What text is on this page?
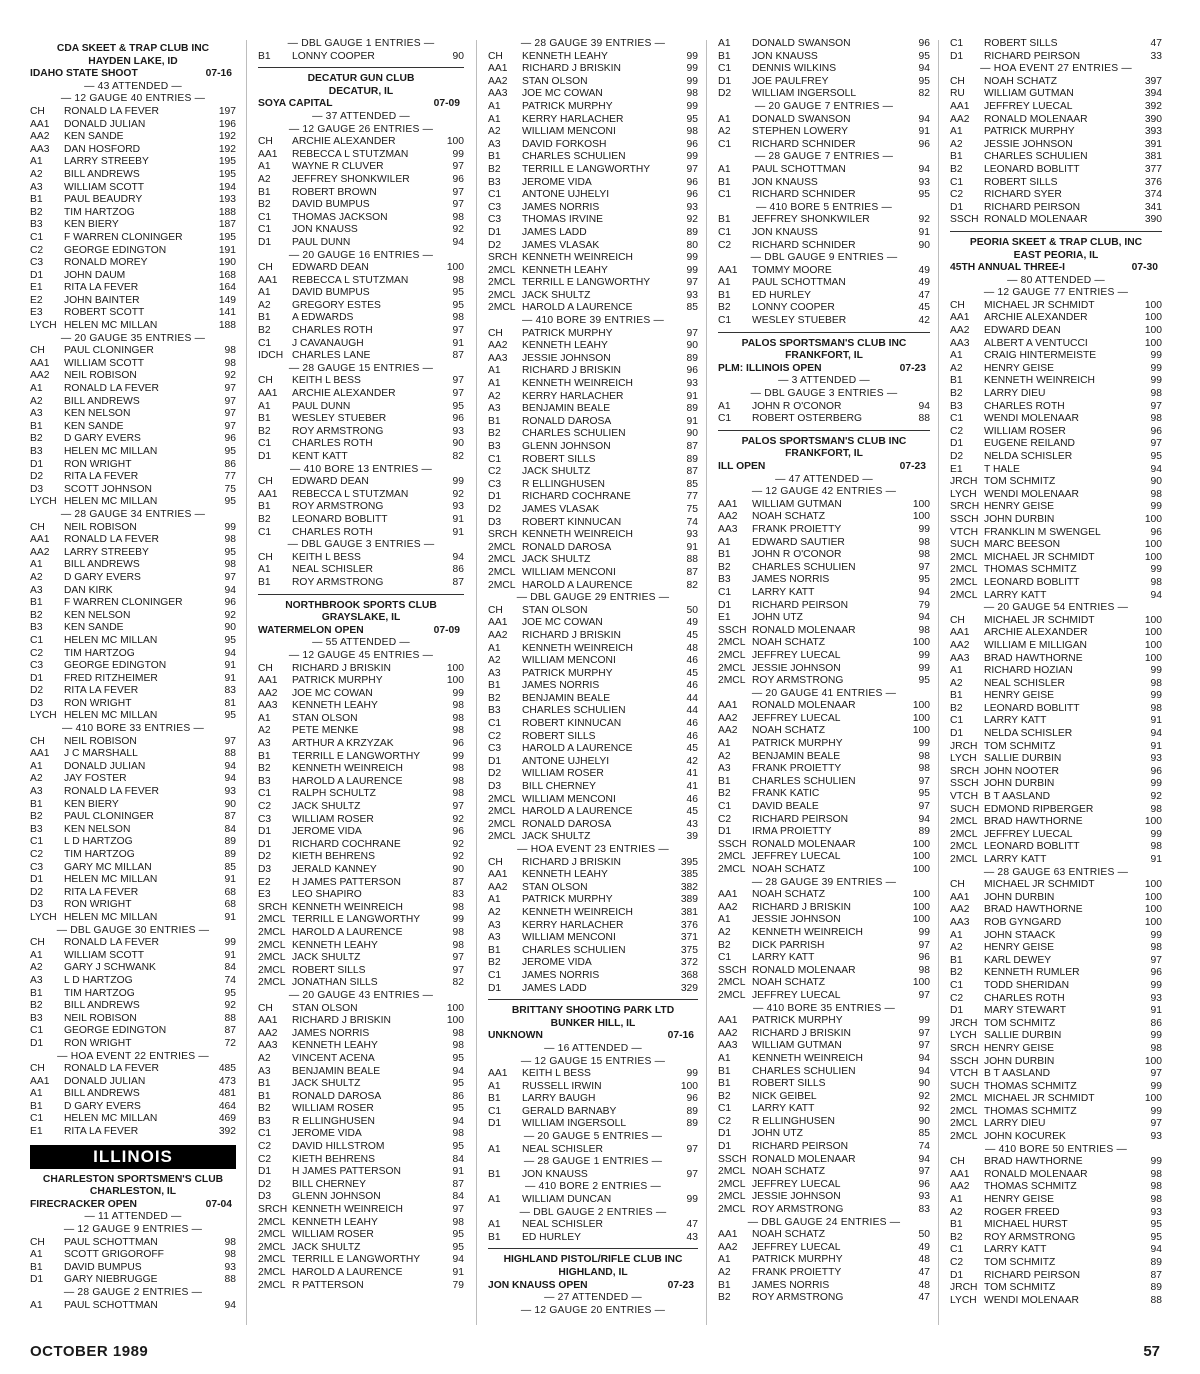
CDA SKEET & TRAP CLUB INC
HAYDEN LAKE, ID
IDAHO STATE SHOOT	07-16
— 43 ATTENDED —
— 12 GAUGE 40 ENTRIES —
CH	RONALD LA FEVER	197
AA1	DONALD JULIAN	196
AA2	KEN SANDE	192
AA3	DAN HOSFORD	192
A1	LARRY STREEBY	195
A2	BILL ANDREWS	195
A3	WILLIAM SCOTT	194
B1	PAUL BEAUDRY	193
B2	TIM HARTZOG	188
B3	KEN BIERY	187
C1	F WARREN CLONINGER	195
C2	GEORGE EDINGTON	191
C3	RONALD MOREY	190
D1	JOHN DAUM	168
E1	RITA LA FEVER	164
E2	JOHN BAINTER	149
E3	ROBERT SCOTT	141
LYCH HELEN MC MILLAN	188
— 20 GAUGE 35 ENTRIES —
CH	PAUL CLONINGER	98
AA1	WILLIAM SCOTT	98
AA2	NEIL ROBISON	92
A1	RONALD LA FEVER	97
A2	BILL ANDREWS	97
A3	KEN NELSON	97
B1	KEN SANDE	97
B2	D GARY EVERS	96
B3	HELEN MC MILLAN	95
D1	RON WRIGHT	86
D2	RITA LA FEVER	77
D3	SCOTT JOHNSON	75
LYCH HELEN MC MILLAN	95
— 28 GAUGE 34 ENTRIES —
CH	NEIL ROBISON	99
AA1	RONALD LA FEVER	98
AA2	LARRY STREEBY	95
A1	BILL ANDREWS	98
A2	D GARY EVERS	97
A3	DAN KIRK	94
B1	F WARREN CLONINGER	96
B2	KEN NELSON	92
B3	KEN SANDE	90
C1	HELEN MC MILLAN	95
C2	TIM HARTZOG	94
C3	GEORGE EDINGTON	91
D1	FRED RITZHEIMER	91
D2	RITA LA FEVER	83
D3	RON WRIGHT	81
LYCH HELEN MC MILLAN	95
— 410 BORE 33 ENTRIES —
CH	NEIL ROBISON	97
AA1	J C MARSHALL	88
A1	DONALD JULIAN	94
A2	JAY FOSTER	94
A3	RONALD LA FEVER	93
B1	KEN BIERY	90
B2	PAUL CLONINGER	87
B3	KEN NELSON	84
C1	L D HARTZOG	89
C2	TIM HARTZOG	89
C3	GARY MC MILLAN	85
D1	HELEN MC MILLAN	91
D2	RITA LA FEVER	68
D3	RON WRIGHT	68
LYCH HELEN MC MILLAN	91
— DBL GAUGE 30 ENTRIES —
CH	RONALD LA FEVER	99
A1	WILLIAM SCOTT	91
A2	GARY J SCHWANK	84
A3	L D HARTZOG	74
B1	TIM HARTZOG	95
B2	BILL ANDREWS	92
B3	NEIL ROBISON	88
C1	GEORGE EDINGTON	87
D1	RON WRIGHT	72
— HOA EVENT 22 ENTRIES —
CH	RONALD LA FEVER	485
AA1	DONALD JULIAN	473
A1	BILL ANDREWS	481
B1	D GARY EVERS	464
C1	HELEN MC MILLAN	469
E1	RITA LA FEVER	392
ILLINOIS
CHARLESTON SPORTSMEN'S CLUB
CHARLESTON, IL
FIRECRACKER OPEN	07-04
— 11 ATTENDED —
— 12 GAUGE 9 ENTRIES —
CH	PAUL SCHOTTMAN	98
A1	SCOTT GRIGOROFF	98
B1	DAVID BUMPUS	93
D1	GARY NIEBRUGGE	88
— 28 GAUGE 2 ENTRIES —
A1	PAUL SCHOTTMAN	94
— DBL GAUGE 1 ENTRIES —
B1	LONNY COOPER	90
DECATUR GUN CLUB
DECATUR, IL
SOYA CAPITAL	07-09
— 37 ATTENDED —
— 12 GAUGE 26 ENTRIES —
CH	ARCHIE ALEXANDER	100
AA1	REBECCA L STUTZMAN	99
A1	WAYNE R CLUVER	97
A2	JEFFREY SHONKWILER	96
B1	ROBERT BROWN	97
B2	DAVID BUMPUS	97
C1	THOMAS JACKSON	98
C1	JON KNAUSS	92
D1	PAUL DUNN	94
— 20 GAUGE 16 ENTRIES —
CH	EDWARD DEAN	100
AA1	REBECCA L STUTZMAN	98
A1	DAVID BUMPUS	95
A2	GREGORY ESTES	95
B1	A EDWARDS	98
B2	CHARLES ROTH	97
C1	J CAVANAUGH	91
IDCH CHARLES LANE	87
— 28 GAUGE 15 ENTRIES —
CH	KEITH L BESS	97
AA1	ARCHIE ALEXANDER	97
A1	PAUL DUNN	95
B1	WESLEY STUEBER	96
B2	ROY ARMSTRONG	93
C1	CHARLES ROTH	90
D1	KENT KATT	82
— 410 BORE 13 ENTRIES —
CH	EDWARD DEAN	99
AA1	REBECCA L STUTZMAN	92
B1	ROY ARMSTRONG	93
B2	LEONARD BOBLITT	91
C1	CHARLES ROTH	91
— DBL GAUGE 3 ENTRIES —
CH	KEITH L BESS	94
A1	NEAL SCHISLER	86
B1	ROY ARMSTRONG	87
NORTHBROOK SPORTS CLUB
GRAYSLAKE, IL
WATERMELON OPEN	07-09
— 55 ATTENDED —
— 12 GAUGE 45 ENTRIES —
CH	RICHARD J BRISKIN	100
AA1	PATRICK MURPHY	100
AA2	JOE MC COWAN	99
AA3	KENNETH LEAHY	98
A1	STAN OLSON	98
A2	PETE MENKE	98
A3	ARTHUR A KRZYZAK	96
B1	TERRILL E LANGWORTHY	99
B2	KENNETH WEINREICH	98
B3	HAROLD A LAURENCE	98
C1	RALPH SCHULTZ	98
C2	JACK SHULTZ	97
C3	WILLIAM ROSER	92
D1	JEROME VIDA	96
D1	RICHARD COCHRANE	92
D2	KIETH BEHRENS	92
D3	JERALD KANNEY	90
E2	H JAMES PATTERSON	87
E3	LEO SHAPIRO	83
SRCH KENNETH WEINREICH	98
2MCL TERRILL E LANGWORTHY	99
2MCL HAROLD A LAURENCE	98
2MCL KENNETH LEAHY	98
2MCL JACK SHULTZ	97
2MCL ROBERT SILLS	97
2MCL JONATHAN SILLS	82
— 20 GAUGE 43 ENTRIES —
CH	STAN OLSON	100
AA1	RICHARD J BRISKIN	100
AA2	JAMES NORRIS	98
AA3	KENNETH LEAHY	98
A2	VINCENT ACENA	95
A3	BENJAMIN BEALE	94
B1	JACK SHULTZ	95
B1	RONALD DAROSA	86
B2	WILLIAM ROSER	95
B3	R ELLINGHUSEN	94
C1	JEROME VIDA	98
C2	DAVID HILLSTROM	95
C2	KIETH BEHRENS	84
D1	H JAMES PATTERSON	91
D2	BILL CHERNEY	87
D3	GLENN JOHNSON	84
SRCH KENNETH WEINREICH	97
2MCL KENNETH LEAHY	98
2MCL WILLIAM ROSER	95
2MCL JACK SHULTZ	95
2MCL TERRILL E LANGWORTHY	94
2MCL HAROLD A LAURENCE	91
2MCL R PATTERSON	79
— 28 GAUGE 39 ENTRIES —
CH	KENNETH LEAHY	99
AA1	RICHARD J BRISKIN	99
AA2	STAN OLSON	99
AA3	JOE MC COWAN	98
A1	PATRICK MURPHY	99
A1	KERRY HARLACHER	95
A2	WILLIAM MENCONI	98
A3	DAVID FORKOSH	96
B1	CHARLES SCHULIEN	99
B2	TERRILL E LANGWORTHY	97
B3	JEROME VIDA	96
C1	ANTONE UJHELYI	96
C3	JAMES NORRIS	93
C3	THOMAS IRVINE	92
D1	JAMES LADD	89
D2	JAMES VLASAK	80
SRCH KENNETH WEINREICH	99
2MCL KENNETH LEAHY	99
2MCL TERRILL E LANGWORTHY	97
2MCL JACK SHULTZ	93
2MCL HAROLD A LAURENCE	85
— 410 BORE 39 ENTRIES —
CH	PATRICK MURPHY	97
AA2	KENNETH LEAHY	90
AA3	JESSIE JOHNSON	89
A1	RICHARD J BRISKIN	96
A1	KENNETH WEINREICH	93
A2	KERRY HARLACHER	91
A3	BENJAMIN BEALE	89
B1	RONALD DAROSA	91
B2	CHARLES SCHULIEN	90
B3	GLENN JOHNSON	87
C1	ROBERT SILLS	89
C2	JACK SHULTZ	87
C3	R ELLINGHUSEN	85
D1	RICHARD COCHRANE	77
D2	JAMES VLASAK	75
D3	ROBERT KINNUCAN	74
SRCH KENNETH WEINREICH	93
2MCL RONALD DAROSA	91
2MCL JACK SHULTZ	88
2MCL WILLIAM MENCONI	87
2MCL HAROLD A LAURENCE	82
— DBL GAUGE 29 ENTRIES —
CH	STAN OLSON	50
AA1	JOE MC COWAN	49
AA2	RICHARD J BRISKIN	45
A1	KENNETH WEINREICH	48
A2	WILLIAM MENCONI	46
A3	PATRICK MURPHY	45
B1	JAMES NORRIS	46
B2	BENJAMIN BEALE	44
B3	CHARLES SCHULIEN	44
C1	ROBERT KINNUCAN	46
C2	ROBERT SILLS	46
C3	HAROLD A LAURENCE	45
D1	ANTONE UJHELYI	42
D2	WILLIAM ROSER	41
D3	BILL CHERNEY	41
2MCL WILLIAM MENCONI	46
2MCL HAROLD A LAURENCE	45
2MCL RONALD DAROSA	43
2MCL JACK SHULTZ	39
— HOA EVENT 23 ENTRIES —
CH	RICHARD J BRISKIN	395
AA1	KENNETH LEAHY	385
AA2	STAN OLSON	382
A1	PATRICK MURPHY	389
A2	KENNETH WEINREICH	381
A3	KERRY HARLACHER	376
A3	WILLIAM MENCONI	371
B1	CHARLES SCHULIEN	375
B2	JEROME VIDA	372
C1	JAMES NORRIS	368
D1	JAMES LADD	329
BRITTANY SHOOTING PARK LTD
BUNKER HILL, IL
UNKNOWN	07-16
— 16 ATTENDED —
— 12 GAUGE 15 ENTRIES —
AA1	KEITH L BESS	99
A1	RUSSELL IRWIN	100
B1	LARRY BAUGH	96
C1	GERALD BARNABY	89
D1	WILLIAM INGERSOLL	89
— 20 GAUGE 5 ENTRIES —
A1	NEAL SCHISLER	97
— 28 GAUGE 1 ENTRIES —
B1	JON KNAUSS	97
— 410 BORE 2 ENTRIES —
A1	WILLIAM DUNCAN	99
— DBL GAUGE 2 ENTRIES —
A1	NEAL SCHISLER	47
B1	ED HURLEY	43
HIGHLAND PISTOL/RIFLE CLUB INC
HIGHLAND, IL
JON KNAUSS OPEN	07-23
— 27 ATTENDED —
— 12 GAUGE 20 ENTRIES —
A1	DONALD SWANSON	96
B1	JON KNAUSS	95
C1	DENNIS WILKINS	94
D1	JOE PAULFREY	95
D2	WILLIAM INGERSOLL	82
— 20 GAUGE 7 ENTRIES —
A1	DONALD SWANSON	94
A2	STEPHEN LOWERY	91
C1	RICHARD SCHNIDER	96
— 28 GAUGE 7 ENTRIES —
A1	PAUL SCHOTTMAN	94
B1	JON KNAUSS	93
C1	RICHARD SCHNIDER	95
— 410 BORE 5 ENTRIES —
B1	JEFFREY SHONKWILER	92
C1	JON KNAUSS	91
C2	RICHARD SCHNIDER	90
— DBL GAUGE 9 ENTRIES —
AA1	TOMMY MOORE	49
A1	PAUL SCHOTTMAN	49
B1	ED HURLEY	47
B2	LONNY COOPER	45
C1	WESLEY STUEBER	42
PALOS SPORTSMAN'S CLUB INC
FRANKFORT, IL
PLM: ILLINOIS OPEN	07-23
— 3 ATTENDED —
— DBL GAUGE 3 ENTRIES —
A1	JOHN R O'CONOR	94
C1	ROBERT OSTERBERG	88
PALOS SPORTSMAN'S CLUB INC
FRANKFORT, IL
ILL OPEN	07-23
— 47 ATTENDED —
— 12 GAUGE 42 ENTRIES —
AA1	WILLIAM GUTMAN	100
AA2	NOAH SCHATZ	100
AA3	FRANK PROIETTY	99
A1	EDWARD SAUTIER	98
B1	JOHN R O'CONOR	98
B2	CHARLES SCHULIEN	97
B3	JAMES NORRIS	95
C1	LARRY KATT	94
D1	RICHARD PEIRSON	79
E1	JOHN UTZ	94
SSCH RONALD MOLENAAR	98
2MCL NOAH SCHATZ	100
2MCL JEFFREY LUECAL	99
2MCL JESSIE JOHNSON	99
2MCL ROY ARMSTRONG	95
— 20 GAUGE 41 ENTRIES —
AA1	RONALD MOLENAAR	100
AA2	JEFFREY LUECAL	100
AA2	NOAH SCHATZ	100
A1	PATRICK MURPHY	99
A2	BENJAMIN BEALE	98
A3	FRANK PROIETTY	98
B1	CHARLES SCHULIEN	97
B2	FRANK KATIC	95
C1	DAVID BEALE	97
C2	RICHARD PEIRSON	94
D1	IRMA PROIETTY	89
SSCH RONALD MOLENAAR	100
2MCL JEFFREY LUECAL	100
2MCL NOAH SCHATZ	100
— 28 GAUGE 39 ENTRIES —
AA1	NOAH SCHATZ	100
AA2	RICHARD J BRISKIN	100
A1	JESSIE JOHNSON	100
A2	KENNETH WEINREICH	99
B2	DICK PARRISH	97
C1	LARRY KATT	96
SSCH RONALD MOLENAAR	98
2MCL NOAH SCHATZ	100
2MCL JEFFREY LUECAL	97
— 410 BORE 35 ENTRIES —
AA1	PATRICK MURPHY	99
AA2	RICHARD J BRISKIN	97
AA3	WILLIAM GUTMAN	97
A1	KENNETH WEINREICH	94
B1	CHARLES SCHULIEN	94
B1	ROBERT SILLS	90
B2	NICK GEIBEL	92
C1	LARRY KATT	92
C2	R ELLINGHUSEN	90
D1	JOHN UTZ	85
D1	RICHARD PEIRSON	74
SSCH RONALD MOLENAAR	94
2MCL NOAH SCHATZ	97
2MCL JEFFREY LUECAL	96
2MCL JESSIE JOHNSON	93
2MCL ROY ARMSTRONG	83
— DBL GAUGE 24 ENTRIES —
AA1	NOAH SCHATZ	50
AA2	JEFFREY LUECAL	49
A1	PATRICK MURPHY	48
A2	FRANK PROIETTY	47
B1	JAMES NORRIS	48
B2	ROY ARMSTRONG	47
C1	ROBERT SILLS	47
D1	RICHARD PEIRSON	33
— HOA EVENT 27 ENTRIES —
CH	NOAH SCHATZ	397
RU	WILLIAM GUTMAN	394
AA1	JEFFREY LUECAL	392
AA2	RONALD MOLENAAR	390
A1	PATRICK MURPHY	393
A2	JESSIE JOHNSON	391
B1	CHARLES SCHULIEN	381
B2	LEONARD BOBLITT	377
C1	ROBERT SILLS	376
C2	RICHARD SYER	374
D1	RICHARD PEIRSON	341
SSCH RONALD MOLENAAR	390
PEORIA SKEET & TRAP CLUB, INC
EAST PEORIA, IL
45TH ANNUAL THREE-I	07-30
— 80 ATTENDED —
— 12 GAUGE 77 ENTRIES —
CH	MICHAEL JR SCHMIDT	100
AA1	ARCHIE ALEXANDER	100
AA2	EDWARD DEAN	100
AA3	ALBERT A VENTUCCI	100
A1	CRAIG HINTERMEISTE	99
A2	HENRY GEISE	99
B1	KENNETH WEINREICH	99
B2	LARRY DIEU	98
B3	CHARLES ROTH	97
C1	WENDI MOLENAAR	98
C2	WILLIAM ROSER	96
D1	EUGENE REILAND	97
D2	NELDA SCHISLER	95
E1	T HALE	94
JRCH TOM SCHMITZ	90
LYCH WENDI MOLENAAR	98
SRCH HENRY GEISE	99
SSCH JOHN DURBIN	100
VTCH FRANKLIN M SWENGEL	96
SUCH MARC BEESON	100
2MCL MICHAEL JR SCHMIDT	100
2MCL THOMAS SCHMITZ	99
2MCL LEONARD BOBLITT	98
2MCL LARRY KATT	94
— 20 GAUGE 54 ENTRIES —
CH	MICHAEL JR SCHMIDT	100
AA1	ARCHIE ALEXANDER	100
AA2	WILLIAM E MILLIGAN	100
AA3	BRAD HAWTHORNE	100
A1	RICHARD HOZIAN	99
A2	NEAL SCHISLER	98
B1	HENRY GEISE	99
B2	LEONARD BOBLITT	98
C1	LARRY KATT	91
D1	NELDA SCHISLER	94
JRCH TOM SCHMITZ	91
LYCH SALLIE DURBIN	93
SRCH JOHN NOOTER	96
SSCH JOHN DURBIN	99
VTCH B T AASLAND	92
SUCH EDMOND RIPBERGER	98
2MCL BRAD HAWTHORNE	100
2MCL JEFFREY LUECAL	99
2MCL LEONARD BOBLITT	98
2MCL LARRY KATT	91
— 28 GAUGE 63 ENTRIES —
CH	MICHAEL JR SCHMIDT	100
AA1	JOHN DURBIN	100
AA2	BRAD HAWTHORNE	100
AA3	ROB GYNGARD	100
A1	JOHN STAACK	99
A2	HENRY GEISE	98
B1	KARL DEWEY	97
B2	KENNETH RUMLER	96
C1	TODD SHERIDAN	99
C2	CHARLES ROTH	93
D1	MARY STEWART	91
JRCH TOM SCHMITZ	86
LYCH SALLIE DURBIN	99
SRCH HENRY GEISE	98
SSCH JOHN DURBIN	100
VTCH B T AASLAND	97
SUCH THOMAS SCHMITZ	99
2MCL MICHAEL JR SCHMIDT	100
2MCL THOMAS SCHMITZ	99
2MCL LARRY DIEU	97
2MCL JOHN KOCUREK	93
— 410 BORE 50 ENTRIES —
CH	BRAD HAWTHORNE	99
AA1	RONALD MOLENAAR	98
AA2	THOMAS SCHMITZ	98
A1	HENRY GEISE	98
A2	ROGER FREED	93
B1	MICHAEL HURST	95
B2	ROY ARMSTRONG	95
C1	LARRY KATT	94
C2	TOM SCHMITZ	89
D1	RICHARD PEIRSON	87
JRCH TOM SCHMITZ	89
LYCH WENDI MOLENAAR	88
OCTOBER 1989	57
